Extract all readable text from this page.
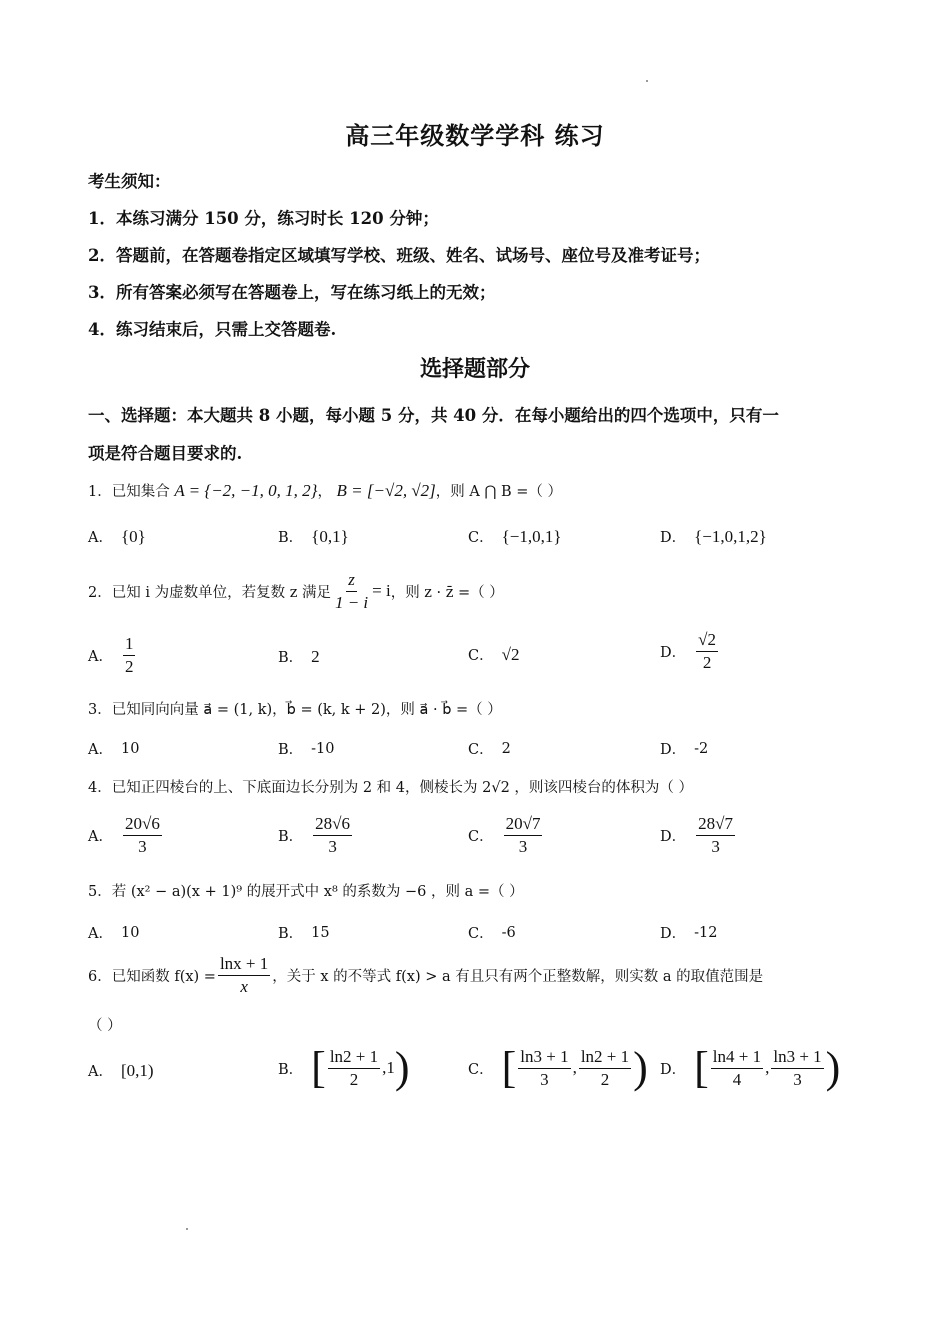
高三年级数学学科 练习
考生须知：
1．本练习满分 150 分，练习时长 120 分钟；
2．答题前，在答题卷指定区域填写学校、班级、姓名、试场号、座位号及准考证号；
3．所有答案必须写在答题卷上，写在练习纸上的无效；
4．练习结束后，只需上交答题卷.
选择题部分
一、选择题：本大题共 8 小题，每小题 5 分，共 40 分．在每小题给出的四个选项中，只有一
项是符合题目要求的.
1．已知集合 A = {−2, −1, 0, 1, 2}， B = [−√2, √2]，则 A ⋂ B =（ ）
A． {0}	B． {0,1}	C． {−1,0,1}	D． {−1,0,1,2}
2．已知 i 为虚数单位，若复数 z 满足 $\frac{z}{1 - i} = i$ ，则 z · z̄ =（ ）
A． $\frac{1}{2}$	B． 2	C． √2	D． $\frac{√2}{2}$
3．已知同向向量 a⃗ = (1, k)，b⃗ = (k, k + 2)，则 a⃗ · b⃗ =（ ）
A． 10	B． -10	C． 2	D． -2
4．已知正四棱台的上、下底面边长分别为 2 和 4，侧棱长为 2√2 ，则该四棱台的体积为（ ）
A． $\frac{20√6}{3}$	B． $\frac{28√6}{3}$	C． $\frac{20√7}{3}$	D． $\frac{28√7}{3}$
5．若 (x² − a)(x + 1)⁹ 的展开式中 x⁸ 的系数为 −6 ，则 a =（ ）
A． 10	B． 15	C． -6	D． -12
6．已知函数 $f(x) = \frac{\ln x + 1}{x}$ ，关于 x 的不等式 f(x) > a 有且只有两个正整数解，则实数 a 的取值范围是
（ ）
A． [0,1)	B． [ $\frac{\ln 2 + 1}{2} ,1$ )	C． [ $\frac{\ln 3 + 1}{3}$ , $\frac{\ln 2 + 1}{2}$ ) D． [ $\frac{\ln 4 + 1}{4}$ , $\frac{\ln 3 + 1}{3}$ )
